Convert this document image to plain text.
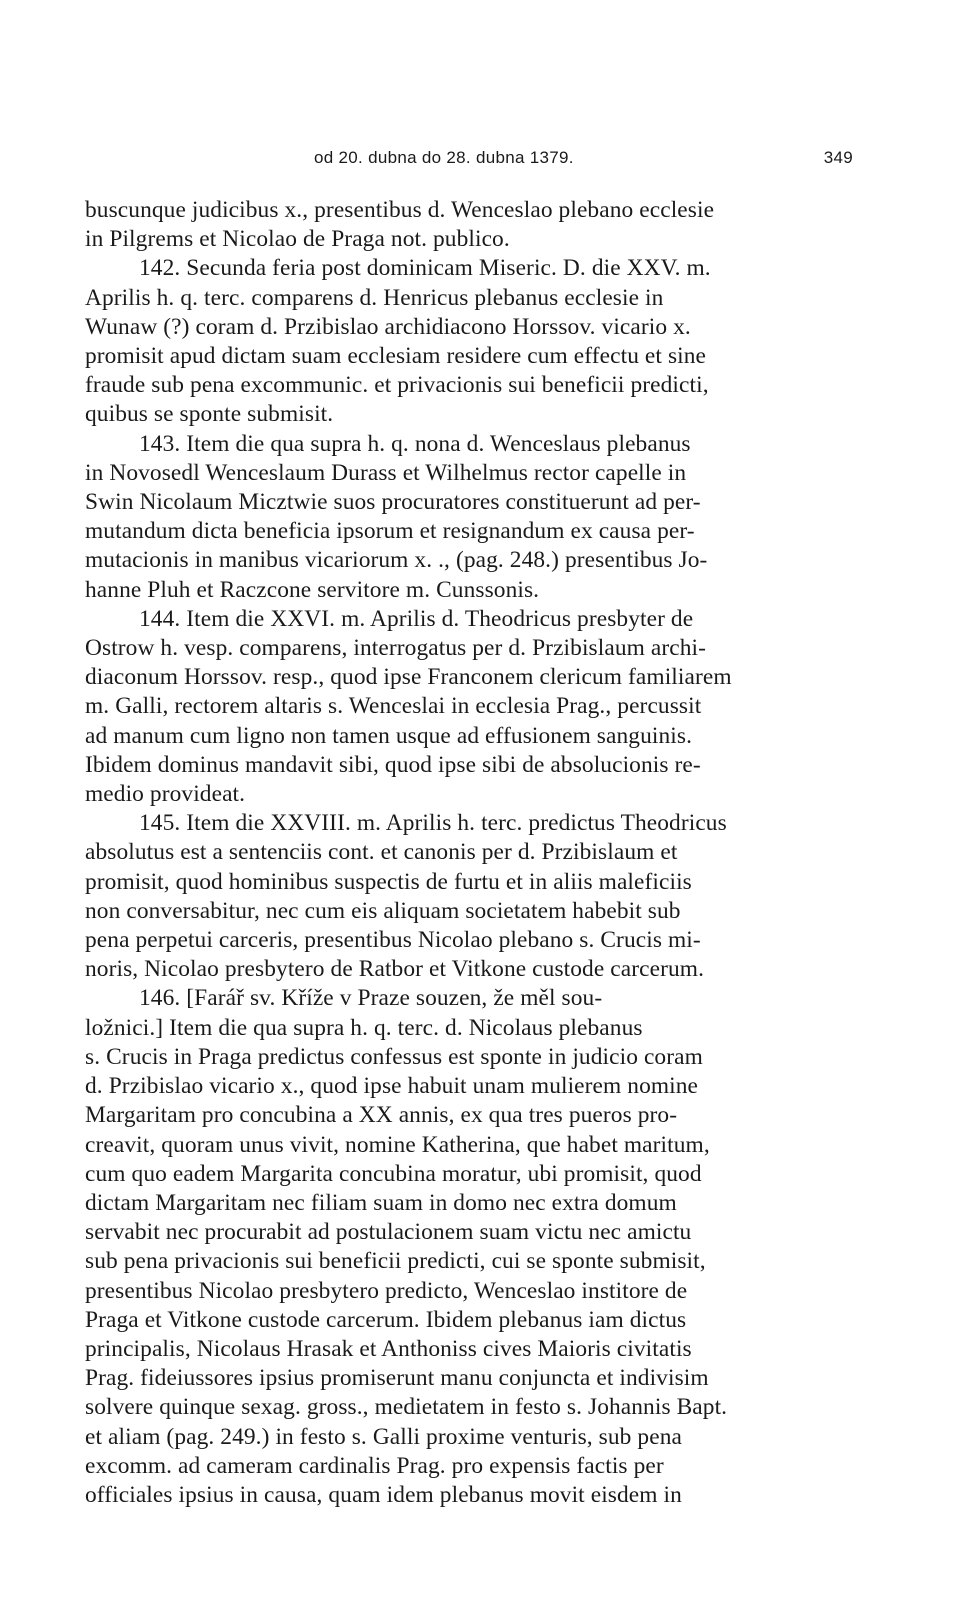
od 20. dubna do 28. dubna 1379.	349
buscunque judicibus x., presentibus d. Wenceslao plebano ecclesie
in Pilgrems et Nicolao de Praga not. publico.
142. Secunda feria post dominicam Miseric. D. die XXV. m.
Aprilis h. q. terc. comparens d. Henricus plebanus ecclesie in
Wunaw (?) coram d. Przibislao archidiacono Horssov. vicario x.
promisit apud dictam suam ecclesiam residere cum effectu et sine
fraude sub pena excommunic. et privacionis sui beneficii predicti,
quibus se sponte submisit.
143. Item die qua supra h. q. nona d. Wenceslaus plebanus
in Novosedl Wenceslaum Durass et Wilhelmus rector capelle in
Swin Nicolaum Micztwie suos procuratores constituerunt ad per-
mutandum dicta beneficia ipsorum et resignandum ex causa per-
mutacionis in manibus vicariorum x. ., (pag. 248.) presentibus Jo-
hanne Pluh et Raczcone servitore m. Cunssonis.
144. Item die XXVI. m. Aprilis d. Theodricus presbyter de
Ostrow h. vesp. comparens, interrogatus per d. Przibislaum archi-
diaconum Horssov. resp., quod ipse Franconem clericum familiarem
m. Galli, rectorem altaris s. Wenceslai in ecclesia Prag., percussit
ad manum cum ligno non tamen usque ad effusionem sanguinis.
Ibidem dominus mandavit sibi, quod ipse sibi de absolucionis re-
medio provideat.
145. Item die XXVIII. m. Aprilis h. terc. predictus Theodricus
absolutus est a sentenciis cont. et canonis per d. Przibislaum et
promisit, quod hominibus suspectis de furtu et in aliis maleficiis
non conversabitur, nec cum eis aliquam societatem habebit sub
pena perpetui carceris, presentibus Nicolao plebano s. Crucis mi-
noris, Nicolao presbytero de Ratbor et Vitkone custode carcerum.
146. [Farář sv. Kříže v Praze souzen, že měl sou-
ložnici.] Item die qua supra h. q. terc. d. Nicolaus plebanus
s. Crucis in Praga predictus confessus est sponte in judicio coram
d. Przibislao vicario x., quod ipse habuit unam mulierem nomine
Margaritam pro concubina a XX annis, ex qua tres pueros pro-
creavit, quoram unus vivit, nomine Katherina, que habet maritum,
cum quo eadem Margarita concubina moratur, ubi promisit, quod
dictam Margaritam nec filiam suam in domo nec extra domum
servabit nec procurabit ad postulacionem suam victu nec amictu
sub pena privacionis sui beneficii predicti, cui se sponte submisit,
presentibus Nicolao presbytero predicto, Wenceslao institore de
Praga et Vitkone custode carcerum. Ibidem plebanus iam dictus
principalis, Nicolaus Hrasak et Anthoniss cives Maioris civitatis
Prag. fideiussores ipsius promiserunt manu conjuncta et indivisim
solvere quinque sexag. gross., medietatem in festo s. Johannis Bapt.
et aliam (pag. 249.) in festo s. Galli proxime venturis, sub pena
excomm. ad cameram cardinalis Prag. pro expensis factis per
officiales ipsius in causa, quam idem plebanus movit eisdem in
